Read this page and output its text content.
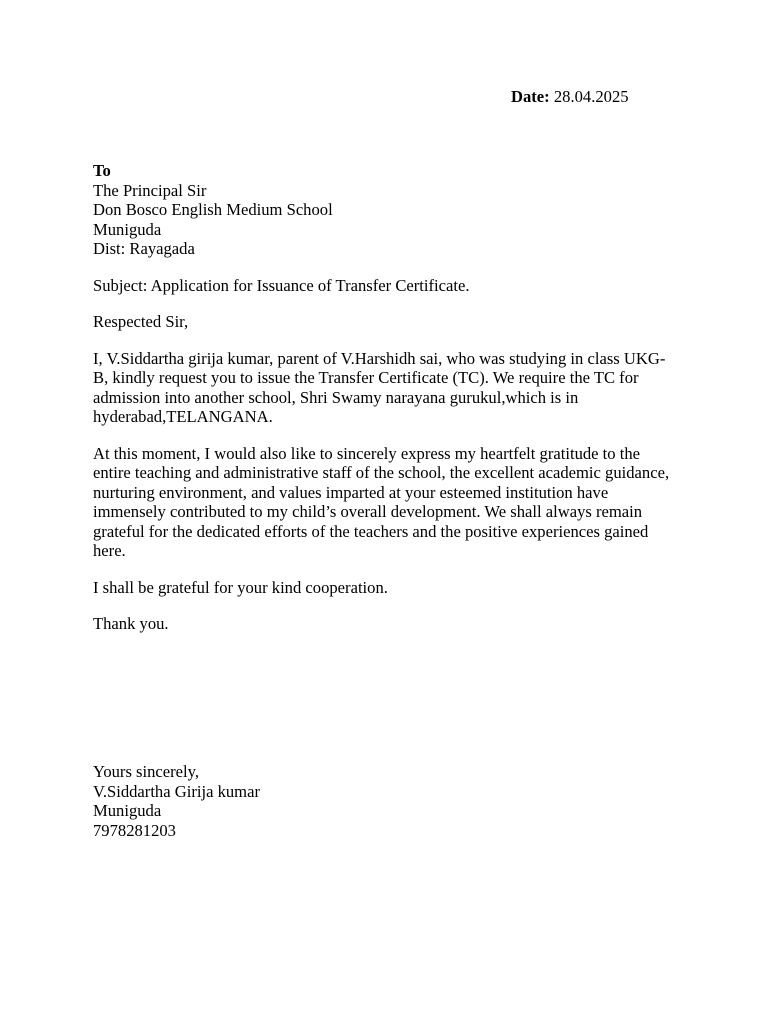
Date: 28.04.2025

To
The Principal Sir
Don Bosco English Medium School
Muniguda
Dist: Rayagada

Subject: Application for Issuance of Transfer Certificate.

Respected Sir,

I, V.Siddartha girija kumar, parent of V.Harshidh sai, who was studying in class UKG-B, kindly request you to issue the Transfer Certificate (TC). We require the TC for admission into another school, Shri Swamy narayana gurukul,which is in hyderabad,TELANGANA.

At this moment, I would also like to sincerely express my heartfelt gratitude to the entire teaching and administrative staff of the school, the excellent academic guidance, nurturing environment, and values imparted at your esteemed institution have immensely contributed to my child’s overall development. We shall always remain grateful for the dedicated efforts of the teachers and the positive experiences gained here.

I shall be grateful for your kind cooperation.

Thank you.

Yours sincerely,
V.Siddartha Girija kumar
Muniguda
7978281203
